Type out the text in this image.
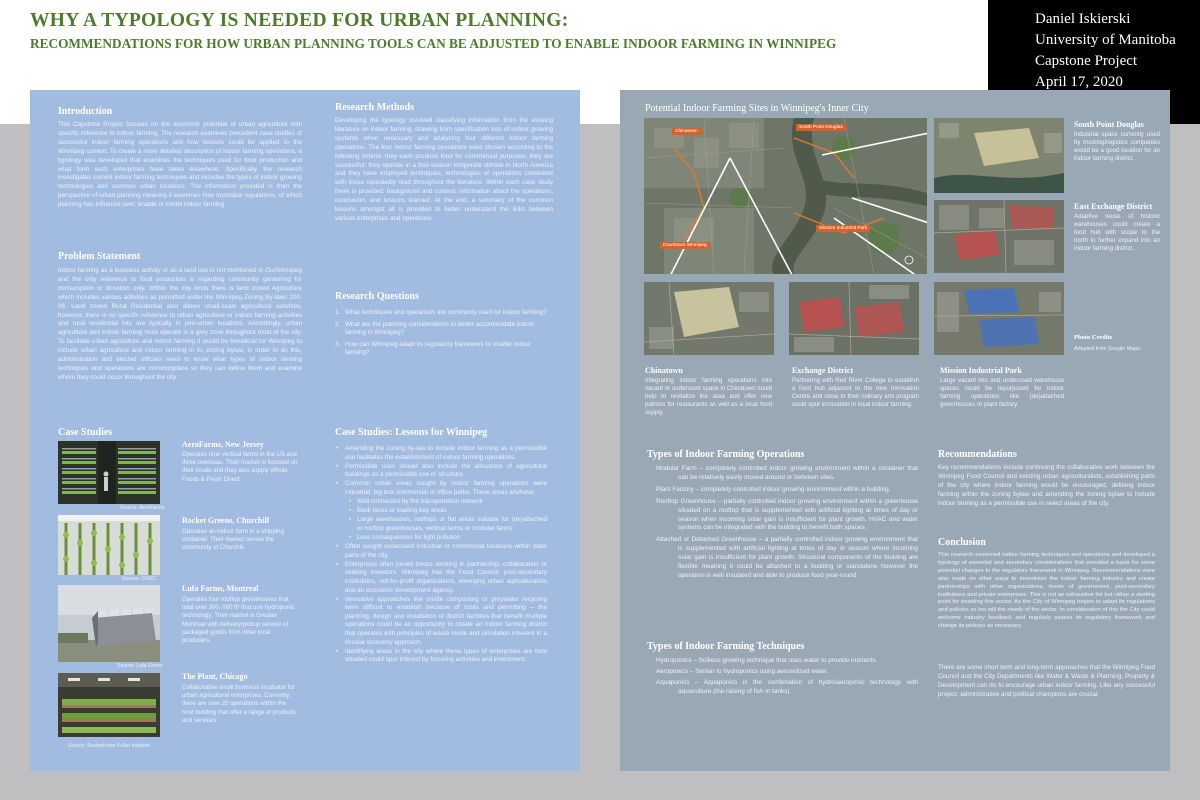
WHY A TYPOLOGY IS NEEDED FOR URBAN PLANNING:
RECOMMENDATIONS FOR HOW URBAN PLANNING TOOLS CAN BE ADJUSTED TO ENABLE INDOOR FARMING IN WINNIPEG
Daniel Iskierski
University of Manitoba
Capstone Project
April 17, 2020
Introduction

This Capstone Project focuses on the economic potential of urban agriculture with specific reference to indoor farming. The research examines precedent case studies of successful indoor farming operations and how lessons could be applied to the Winnipeg context. To create a more detailed description of indoor farming operations, a typology was developed that examines the techniques used for food production and what form such enterprises have taken elsewhere. Specifically, the research investigates current indoor farming techniques and includes the types of indoor growing technologies and common urban locations. The information provided is from the perspective of urban planning meaning it examines how municipal regulations, of which planning has influence over, enable or inhibit indoor farming.

Problem Statement

Indoor farming as a business activity or as a land use is not mentioned in OurWinnipeg and the only reference to food production is regarding community gardening for consumption or donation only. Within the city limits there is land zoned Agriculture which includes various activities as permitted under the Winnipeg Zoning By-laws 200-06. Land zoned Rural Residential also allows small-scale agricultural activities, however, there is no specific reference to urban agriculture or indoor farming activities and rural residential lots are typically in peri-urban locations. Accordingly, urban agriculture and indoor farming must operate in a grey zone throughout most of the city. To facilitate urban agriculture and indoor farming it would be beneficial for Winnipeg to include urban agriculture and indoor farming in its zoning bylaw, in order to do this, administration and elected officials need to know what types of indoor farming techniques and operations are commonplace so they can define them and examine where they could occur throughout the city.

Case Studies
Source: AeroFarms
AeroFarms, New Jersey

Operates nine vertical farms in the US and three overseas. Their market is focused on their locale and they also supply Whole Foods & Fresh Direct.

Source: CNSC
Rocket Greens, Churchill

Operates an indoor farm in a shipping container. Their market serves the community of Churchill.

Source: Lufa Farms
Lufa Farms, Montreal

Operates four rooftop greenhouses that total over 300, 000 ft² that use hydroponic technology. Their market is Greater Montreal with delivery/pickup service of packaged goods from other local producers.

Source: Buckminster Fuller Institute
The Plant, Chicago

Collaborative small business incubator for urban agricultural enterprises. Currently, there are over 20 operations within the host building that offer a range of products and services.

Research Methods

Developing the typology involved classifying information from the existing literature on indoor farming, drawing from specification lists of indoor growing systems when necessary and analyzing four different indoor farming operations. The four indoor farming operations were chosen according to the following criteria: they each produce food for commercial purposes; they are successful; they operate in a four-season temperate climate in North America and they have employed techniques, technologies or operations consistent with those repeatedly read throughout the literature. Within each case study there is provided: background and context; information about the operations; conclusion; and lessons learned. At the end, a summary of the common lessons amongst all is provided to better understand the links between various enterprises and operations.

Research Questions
1. What techniques and operations are commonly used for indoor farming?
2. What are the planning considerations to better accommodate indoor farming in Winnipeg?
3. How can Winnipeg adapt its regulatory framework to enable indoor farming?
Case Studies: Lessons for Winnipeg
• Amending the zoning by-law to include indoor farming as a permissible use facilitates the establishment of indoor farming operations.
• Permissible uses should also include the allowance of agricultural buildings as a permissible use or structure.
• Common urban areas sought by indoor farming operations were industrial, big box commercial or office parks. These areas are/have:
• Well connected by the transportation network
• Back lanes or loading bay areas
• Large warehouses, rooftops or flat areas suitable for (de)attached or rooftop greenhouses, vertical farms or modular farms.
• Less consequences for light pollution
• Often sought underused industrial or commercial locations within older parts of the city.
• Enterprises often joined forces working in partnership, collaboration or seeking investors. Winnipeg has the Food Council, post-secondary institutions, not-for-profit organizations, emerging urban agriculturalists and an economic development agency.
• Innovative approaches like onsite composting or greywater recycling were difficult to establish because of costs and permitting – the planning, design and installation of district facilities that benefit multiple operations could be an opportunity to create an indoor farming district that operates with principles of waste reuse and circulation inherent in a circular economy approach.
• Identifying areas in the city where these types of enterprises are best situated could spur interest by focusing activities and investment.
Potential Indoor Farming Sites in Winnipeg's Inner City
Chinatown
South Point Douglas
Downtown Winnipeg
Mission Industrial Park
South Point Douglas

Industrial space currently used by trucking/logistics companies would be a good location for an indoor farming district.

East Exchange District

Adaptive reuse of historic warehouses could create a food hub with scope to the north to further expand into an indoor farming district.

Photo Credits

Adapted from Google Maps.

Chinatown

Integrating indoor farming operations into vacant or underused space in Chinatown could help to revitalize the area and offer new patrons for restaurants as well as a local food supply.

Exchange District

Partnering with Red River College to establish a food hub adjacent to the new Innovation Centre and close to their culinary arts program could spur innovation in local indoor farming.

Mission Industrial Park

Large vacant lots and underused warehouse spaces could be repurposed for indoor farming operations like (de)attached greenhouses or plant factory.

Types of Indoor Farming Operations
Modular Farm – completely controlled indoor growing environment within a container that can be relatively easily moved around or between sites.
Plant Factory – completely controlled indoor growing environment within a building.
Rooftop Greenhouse – partially controlled indoor growing environment within a greenhouse situated on a rooftop that is supplemented with artificial lighting at times of day or season when incoming solar gain is insufficient for plant growth. HVAC and water systems can be integrated with the building to benefit both spaces.
Attached or Detached Greenhouse – a partially controlled indoor growing environment that is supplemented with artificial lighting at times of day or season where incoming solar gain is insufficient for plant growth. Structural components of the building are flexible meaning it could be attached to a building or standalone however the operation is well insulated and able to produce food year-round.
Types of Indoor Farming Techniques
Hydroponics – Soilless growing technique that uses water to provide nutrients.
Aeroponics – Similar to hydroponics using aerosolized water.
Aquaponics – Aquaponics is the combination of hydro/aeroponic technology with aquaculture (the raising of fish in tanks).
Recommendations

Key recommendations include continuing the collaborative work between the Winnipeg Food Council and existing urban agriculturalists, establishing parts of the city where indoor farming would be encouraged, defining indoor farming within the zoning bylaw and amending the zoning bylaw to include indoor farming as a permissible use in select areas of the city.

Conclusion

This research examined indoor farming techniques and operations and developed a typology of essential and secondary considerations that provided a basis for some potential changes to the regulatory framework in Winnipeg. Recommendations were also made on other ways to incentivize the indoor farming industry and create partnerships with other organizations, levels of government, post-secondary institutions and private enterprises. This is not an exhaustive list but rather a starting point for enabling this sector. As the City of Winnipeg begins to adapt its regulations and policies so too will the needs of the sector. In consideration of this the City could welcome industry feedback and regularly assess its regulatory framework and change its policies as necessary.

There are some short term and long-term approaches that the Winnipeg Food Council and the City Departments like Water & Waste & Planning, Property & Development can do to encourage urban indoor farming. Like any successful project, administrative and political champions are crucial.
